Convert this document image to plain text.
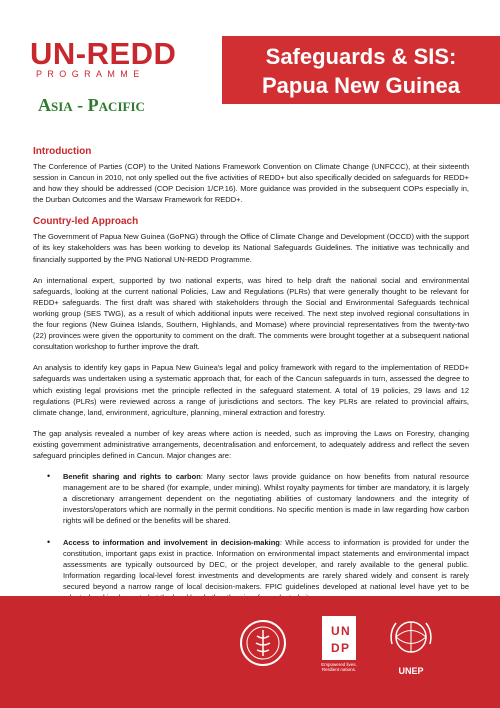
UN-REDD
PROGRAMME
Asia - Pacific
Safeguards & SIS:
Papua New Guinea
Introduction

The Conference of Parties (COP) to the United Nations Framework Convention on Climate Change (UNFCCC), at their sixteenth session in Cancun in 2010, not only spelled out the five activities of REDD+ but also specifically decided on safeguards for REDD+ and how they should be addressed (COP Decision 1/CP.16). More guidance was provided in the subsequent COPs especially in, the Durban Outcomes and the Warsaw Framework for REDD+.

Country-led Approach

The Government of Papua New Guinea (GoPNG) through the Office of Climate Change and Development (OCCD) with the support of its key stakeholders was has been working to develop its National Safeguards Guidelines. The initiative was technically and financially supported by the PNG National UN-REDD Programme.

An international expert, supported by two national experts, was hired to help draft the national social and environmental safeguards, looking at the current national Policies, Law and Regulations (PLRs) that were generally thought to be relevant for REDD+ safeguards. The first draft was shared with stakeholders through the Social and Environmental Safeguards technical working group (SES TWG), as a result of which additional inputs were received. The next step involved regional consultations in the four regions (New Guinea Islands, Southern, Highlands, and Momase) where provincial representatives from the twenty-two (22) provinces were given the opportunity to comment on the draft. The comments were brought together at a subsequent national consultation workshop to further improve the draft.

An analysis to identify key gaps in Papua New Guinea's legal and policy framework with regard to the implementation of REDD+ safeguards was undertaken using a systematic approach that, for each of the Cancun safeguards in turn, assessed the degree to which existing legal provisions met the principle reflected in the safeguard statement. A total of 19 policies, 29 laws and 12 regulations (PLRs) were reviewed across a range of jurisdictions and sectors. The key PLRs are related to provincial affairs, climate change, land, environment, agriculture, planning, mineral extraction and forestry.

The gap analysis revealed a number of key areas where action is needed, such as improving the Laws on Forestry, changing existing government administrative arrangements, decentralisation and enforcement, to adequately address and reflect the seven safeguard principles defined in Cancun. Major changes are:

• Benefit sharing and rights to carbon: Many sector laws provide guidance on how benefits from natural resource management are to be shared (for example, under mining). Whilst royalty payments for timber are mandatory, it is largely a discretionary arrangement dependent on the negotiating abilities of customary landowners and the integrity of investors/operators which are normally in the permit conditions. No specific mention is made in law regarding how carbon rights will be defined or the benefits will be shared.
• Access to information and involvement in decision-making: While access to information is provided for under the constitution, important gaps exist in practice. Information on environmental impact statements and environmental impact assessments are typically outsourced by DEC, or the project developer, and rarely available to the general public. Information regarding local-level forest investments and developments are rarely shared widely and consent is rarely secured beyond a narrow range of local decision-makers. FPIC guidelines developed at national level have yet to be
U N
D P
Empowered lives. Resilient nations.	UNEP
